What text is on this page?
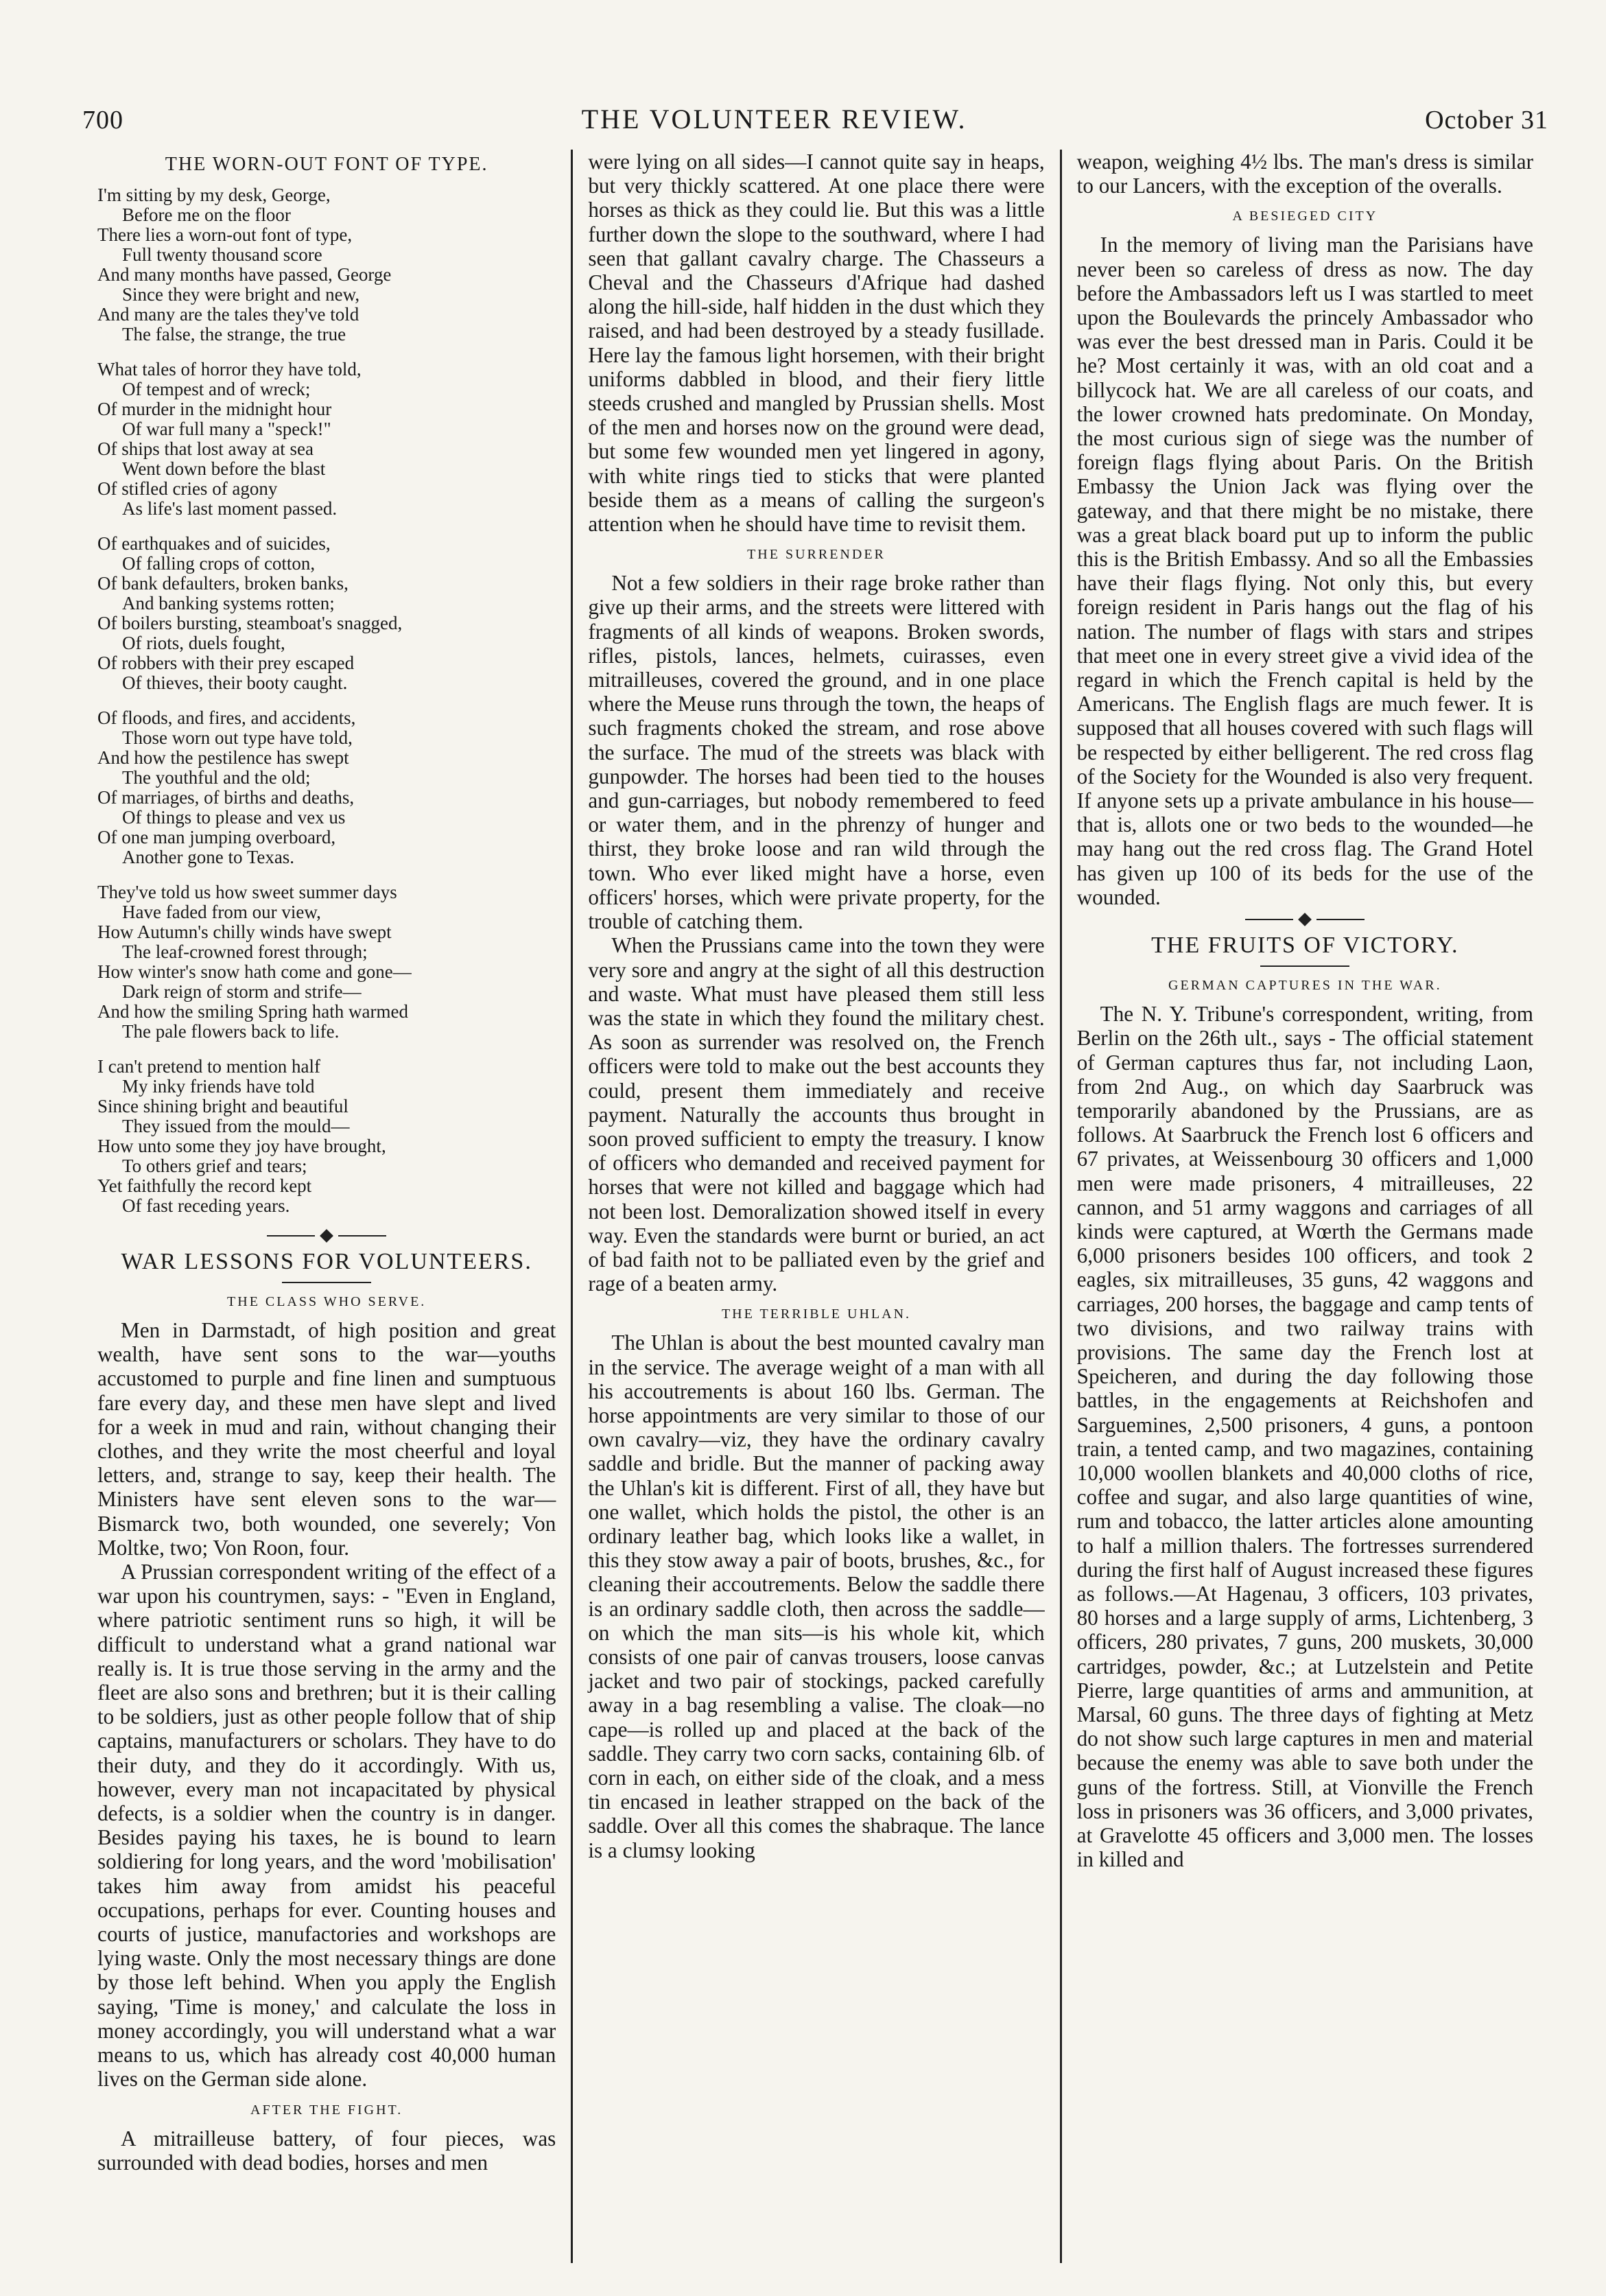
700	THE VOLUNTEER REVIEW.	October 31
THE WORN-OUT FONT OF TYPE.
I'm sitting by my desk, George,
Before me on the floor
There lies a worn-out font of type,
Full twenty thousand score
And many months have passed, George
Since they were bright and new,
And many are the tales they've told
The false, the strange, the true
What tales of horror they have told,
Of tempest and of wreck;
Of murder in the midnight hour
Of war full many a "speck!"
Of ships that lost away at sea
Went down before the blast
Of stifled cries of agony
As life's last moment passed.
Of earthquakes and of suicides,
Of falling crops of cotton,
Of bank defaulters, broken banks,
And banking systems rotten;
Of boilers bursting, steamboat's snagged,
Of riots, duels fought,
Of robbers with their prey escaped
Of thieves, their booty caught.
Of floods, and fires, and accidents,
Those worn out type have told,
And how the pestilence has swept
The youthful and the old;
Of marriages, of births and deaths,
Of things to please and vex us
Of one man jumping overboard,
Another gone to Texas.
They've told us how sweet summer days
Have faded from our view,
How Autumn's chilly winds have swept
The leaf-crowned forest through;
How winter's snow hath come and gone—
Dark reign of storm and strife—
And how the smiling Spring hath warmed
The pale flowers back to life.
I can't pretend to mention half
My inky friends have told
Since shining bright and beautiful
They issued from the mould—
How unto some they joy have brought,
To others grief and tears;
Yet faithfully the record kept
Of fast receding years.
WAR LESSONS FOR VOLUNTEERS.
THE CLASS WHO SERVE.

Men in Darmstadt, of high position and great wealth, have sent sons to the war—youths accustomed to purple and fine linen and sumptuous fare every day, and these men have slept and lived for a week in mud and rain, without changing their clothes, and they write the most cheerful and loyal letters, and, strange to say, keep their health. The Ministers have sent eleven sons to the war—Bismarck two, both wounded, one severely; Von Moltke, two; Von Roon, four.

A Prussian correspondent writing of the effect of a war upon his countrymen, says: - "Even in England, where patriotic sentiment runs so high, it will be difficult to understand what a grand national war really is. It is true those serving in the army and the fleet are also sons and brethren; but it is their calling to be soldiers, just as other people follow that of ship captains, manufacturers or scholars. They have to do their duty, and they do it accordingly. With us, however, every man not incapacitated by physical defects, is a soldier when the country is in danger. Besides paying his taxes, he is bound to learn soldiering for long years, and the word 'mobilisation' takes him away from amidst his peaceful occupations, perhaps for ever. Counting houses and courts of justice, manufactories and workshops are lying waste. Only the most necessary things are done by those left behind. When you apply the English saying, 'Time is money,' and calculate the loss in money accordingly, you will understand what a war means to us, which has already cost 40,000 human lives on the German side alone.

AFTER THE FIGHT.

A mitrailleuse battery, of four pieces, was surrounded with dead bodies, horses and men

were lying on all sides—I cannot quite say in heaps, but very thickly scattered. At one place there were horses as thick as they could lie. But this was a little further down the slope to the southward, where I had seen that gallant cavalry charge. The Chasseurs a Cheval and the Chasseurs d'Afrique had dashed along the hill-side, half hidden in the dust which they raised, and had been destroyed by a steady fusillade. Here lay the famous light horsemen, with their bright uniforms dabbled in blood, and their fiery little steeds crushed and mangled by Prussian shells. Most of the men and horses now on the ground were dead, but some few wounded men yet lingered in agony, with white rings tied to sticks that were planted beside them as a means of calling the surgeon's attention when he should have time to revisit them.

THE SURRENDER

Not a few soldiers in their rage broke rather than give up their arms, and the streets were littered with fragments of all kinds of weapons. Broken swords, rifles, pistols, lances, helmets, cuirasses, even mitrailleuses, covered the ground, and in one place where the Meuse runs through the town, the heaps of such fragments choked the stream, and rose above the surface. The mud of the streets was black with gunpowder. The horses had been tied to the houses and gun-carriages, but nobody remembered to feed or water them, and in the phrenzy of hunger and thirst, they broke loose and ran wild through the town. Who ever liked might have a horse, even officers' horses, which were private property, for the trouble of catching them.

When the Prussians came into the town they were very sore and angry at the sight of all this destruction and waste. What must have pleased them still less was the state in which they found the military chest. As soon as surrender was resolved on, the French officers were told to make out the best accounts they could, present them immediately and receive payment. Naturally the accounts thus brought in soon proved sufficient to empty the treasury. I know of officers who demanded and received payment for horses that were not killed and baggage which had not been lost. Demoralization showed itself in every way. Even the standards were burnt or buried, an act of bad faith not to be palliated even by the grief and rage of a beaten army.

THE TERRIBLE UHLAN.

The Uhlan is about the best mounted cavalry man in the service. The average weight of a man with all his accoutrements is about 160 lbs. German. The horse appointments are very similar to those of our own cavalry—viz, they have the ordinary cavalry saddle and bridle. But the manner of packing away the Uhlan's kit is different. First of all, they have but one wallet, which holds the pistol, the other is an ordinary leather bag, which looks like a wallet, in this they stow away a pair of boots, brushes, &c., for cleaning their accoutrements. Below the saddle there is an ordinary saddle cloth, then across the saddle—on which the man sits—is his whole kit, which consists of one pair of canvas trousers, loose canvas jacket and two pair of stockings, packed carefully away in a bag resembling a valise. The cloak—no cape—is rolled up and placed at the back of the saddle. They carry two corn sacks, containing 6lb. of corn in each, on either side of the cloak, and a mess tin encased in leather strapped on the back of the saddle. Over all this comes the shabraque. The lance is a clumsy looking

weapon, weighing 4½ lbs. The man's dress is similar to our Lancers, with the exception of the overalls.

A BESIEGED CITY

In the memory of living man the Parisians have never been so careless of dress as now. The day before the Ambassadors left us I was startled to meet upon the Boulevards the princely Ambassador who was ever the best dressed man in Paris. Could it be he? Most certainly it was, with an old coat and a billycock hat. We are all careless of our coats, and the lower crowned hats predominate. On Monday, the most curious sign of siege was the number of foreign flags flying about Paris. On the British Embassy the Union Jack was flying over the gateway, and that there might be no mistake, there was a great black board put up to inform the public this is the British Embassy. And so all the Embassies have their flags flying. Not only this, but every foreign resident in Paris hangs out the flag of his nation. The number of flags with stars and stripes that meet one in every street give a vivid idea of the regard in which the French capital is held by the Americans. The English flags are much fewer. It is supposed that all houses covered with such flags will be respected by either belligerent. The red cross flag of the Society for the Wounded is also very frequent. If anyone sets up a private ambulance in his house—that is, allots one or two beds to the wounded—he may hang out the red cross flag. The Grand Hotel has given up 100 of its beds for the use of the wounded.

THE FRUITS OF VICTORY.
GERMAN CAPTURES IN THE WAR.

The N. Y. Tribune's correspondent, writing, from Berlin on the 26th ult., says - The official statement of German captures thus far, not including Laon, from 2nd Aug., on which day Saarbruck was temporarily abandoned by the Prussians, are as follows. At Saarbruck the French lost 6 officers and 67 privates, at Weissenbourg 30 officers and 1,000 men were made prisoners, 4 mitrailleuses, 22 cannon, and 51 army waggons and carriages of all kinds were captured, at Wœrth the Germans made 6,000 prisoners besides 100 officers, and took 2 eagles, six mitrailleuses, 35 guns, 42 waggons and carriages, 200 horses, the baggage and camp tents of two divisions, and two railway trains with provisions. The same day the French lost at Speicheren, and during the day following those battles, in the engagements at Reichshofen and Sarguemines, 2,500 prisoners, 4 guns, a pontoon train, a tented camp, and two magazines, containing 10,000 woollen blankets and 40,000 cloths of rice, coffee and sugar, and also large quantities of wine, rum and tobacco, the latter articles alone amounting to half a million thalers. The fortresses surrendered during the first half of August increased these figures as follows.—At Hagenau, 3 officers, 103 privates, 80 horses and a large supply of arms, Lichtenberg, 3 officers, 280 privates, 7 guns, 200 muskets, 30,000 cartridges, powder, &c.; at Lutzelstein and Petite Pierre, large quantities of arms and ammunition, at Marsal, 60 guns. The three days of fighting at Metz do not show such large captures in men and material because the enemy was able to save both under the guns of the fortress. Still, at Vionville the French loss in prisoners was 36 officers, and 3,000 privates, at Gravelotte 45 officers and 3,000 men. The losses in killed and
